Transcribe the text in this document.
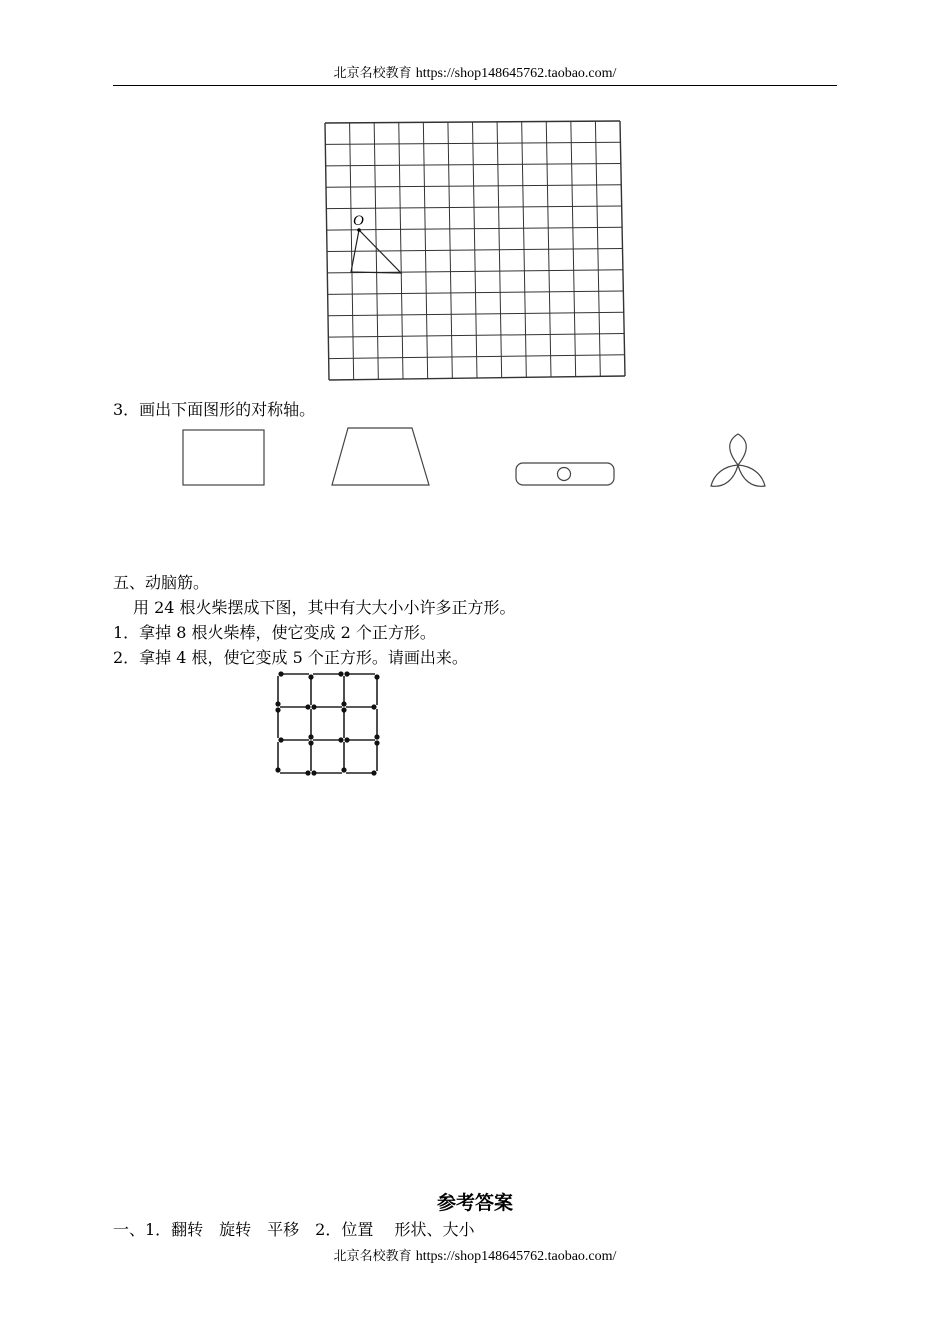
北京名校教育 https://shop148645762.taobao.com/
O
3．画出下面图形的对称轴。
五、动脑筋。
用 24 根火柴摆成下图，其中有大大小小许多正方形。
1．拿掉 8 根火柴棒，使它变成 2 个正方形。
2．拿掉 4 根，使它变成 5 个正方形。请画出来。
参考答案
一、1．翻转　旋转　平移　2．位置　 形状、大小
北京名校教育 https://shop148645762.taobao.com/
